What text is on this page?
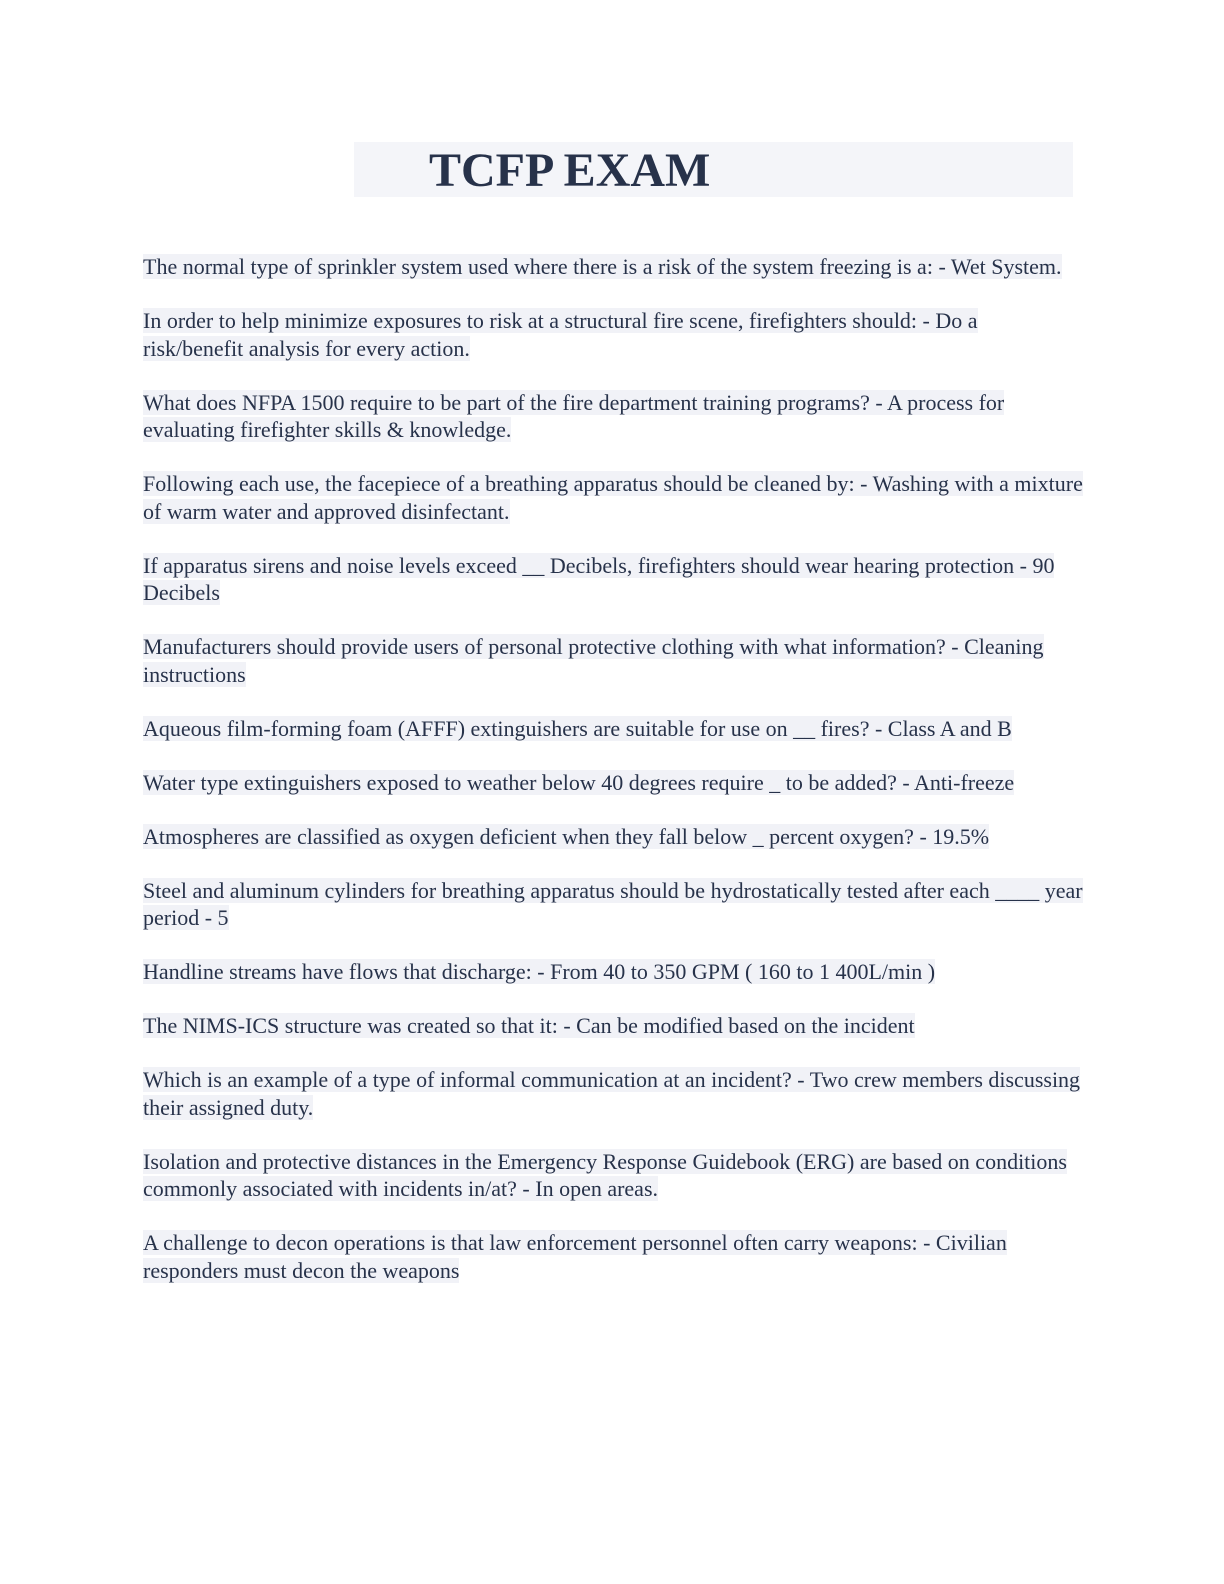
TCFP EXAM

The normal type of sprinkler system used where there is a risk of the system freezing is a: - Wet System.

In order to help minimize exposures to risk at a structural fire scene, firefighters should: - Do a risk/benefit analysis for every action.

What does NFPA 1500 require to be part of the fire department training programs? - A process for evaluating firefighter skills & knowledge.

Following each use, the facepiece of a breathing apparatus should be cleaned by: - Washing with a mixture of warm water and approved disinfectant.

If apparatus sirens and noise levels exceed __ Decibels, firefighters should wear hearing protection - 90 Decibels

Manufacturers should provide users of personal protective clothing with what information? - Cleaning instructions

Aqueous film-forming foam (AFFF) extinguishers are suitable for use on __ fires? - Class A and B

Water type extinguishers exposed to weather below 40 degrees require _ to be added? - Anti-freeze

Atmospheres are classified as oxygen deficient when they fall below _ percent oxygen? - 19.5%

Steel and aluminum cylinders for breathing apparatus should be hydrostatically tested after each ____ year period - 5

Handline streams have flows that discharge: - From 40 to 350 GPM ( 160 to 1 400L/min )

The NIMS-ICS structure was created so that it: - Can be modified based on the incident

Which is an example of a type of informal communication at an incident? - Two crew members discussing their assigned duty.

Isolation and protective distances in the Emergency Response Guidebook (ERG) are based on conditions commonly associated with incidents in/at? - In open areas.

A challenge to decon operations is that law enforcement personnel often carry weapons: - Civilian responders must decon the weapons
